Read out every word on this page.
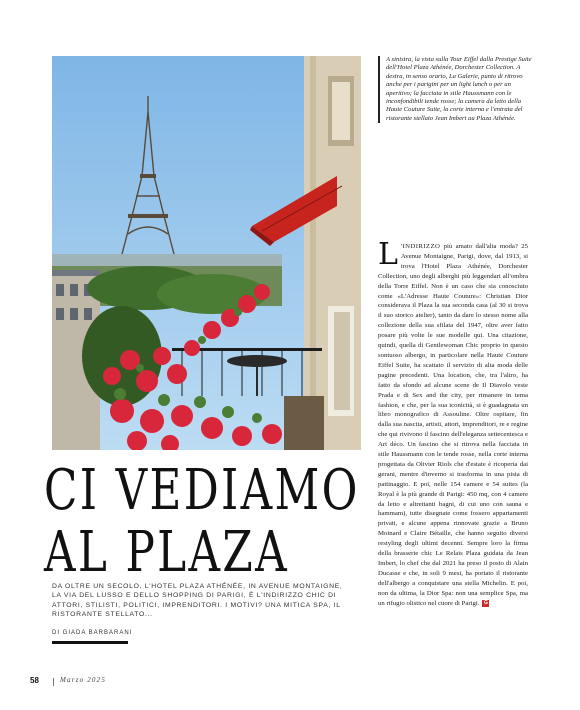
A sinistra, la vista sulla Tour Eiffel dalla Prestige Suite dell'Hotel Plaza Athénée, Dorchester Collection. A destra, in senso orario, La Galerie, punto di ritrovo anche per i parigini per un light lunch o per un aperitivo; la facciata in stile Haussmann con le inconfondibili tende rosse; la camera da letto della Haute Couture Suite, la corte interna e l'entrata del ristorante stellato Jean Imbert au Plaza Athénée.
CI VEDIAMO
AL PLAZA
DA OLTRE UN SECOLO, L'HOTEL PLAZA ATHÉNÉE, IN AVENUE MONTAIGNE, LA VIA DEL LUSSO E DELLO SHOPPING DI PARIGI, È L'INDIRIZZO CHIC DI ATTORI, STILISTI, POLITICI, IMPRENDITORI. I MOTIVI? UNA MITICA SPA, IL RISTORANTE STELLATO...
DI GIADA BARBARANI
L 'INDIRIZZO più amato dall'alta moda? 25 Avenue Montaigne, Parigi, dove, dal 1913, si trova l'Hotel Plaza Athénée, Dorchester Collection, uno degli alberghi più leggendari all'ombra della Torre Eiffel. Non è un caso che sia conosciuto come «L'Adresse Haute Couture»: Christian Dior considerava il Plaza la sua seconda casa (al 30 si trova il suo storico atelier), tanto da dare lo stesso nome alla collezione della sua sfilata del 1947, oltre aver fatto posare più volte le sue modelle qui. Una citazione, quindi, quella di Gentlewoman Chic proprio in questo sontuoso albergo, in particolare nella Haute Couture Eiffel Suite, ha scattato il servizio di alta moda delle pagine precedenti. Una location, che, tra l'altro, ha fatto da sfondo ad alcune scene de Il Diavolo veste Prada e di Sex and the city, per rimanere in tema fashion, e che, per la sua iconicità, si è guadagnata un libro monografico di Assouline. Oltre ospitare, fin dalla sua nascita, artisti, attori, imprenditori, re e regine che qui rivivono il fascino dell'eleganza settecentesca e Art déco. Un fascino che si ritrova nella facciata in stile Haussmann con le tende rosse, nella corte interna progettata da Olivier Riols che d'estate è ricoperta dai gerani, mentre d'inverno si trasforma in una pista di pattinaggio. E poi, nelle 154 camere e 54 suites (la Royal è la più grande di Parigi: 450 mq, con 4 camere da letto e altrettanti bagni, di cui uno con sauna e hammam), tutte disegnate come fossero appartamenti privati, e alcune appena rinnovate grazie a Bruno Moinard e Claire Bétaille, che hanno seguito diversi restyling degli ultimi decenni. Sempre loro la firma della brasserie chic Le Relais Plaza guidata da Jean Imbert, lo chef che dal 2021 ha preso il posto di Alain Ducasse e che, in soli 9 mesi, ha portato il ristorante dell'albergo a conquistare una stella Michelin. E poi, non da ultima, la Dior Spa: non una semplice Spa, ma un rifugio olistico nel cuore di Parigi. G
58	Marzo 2025
